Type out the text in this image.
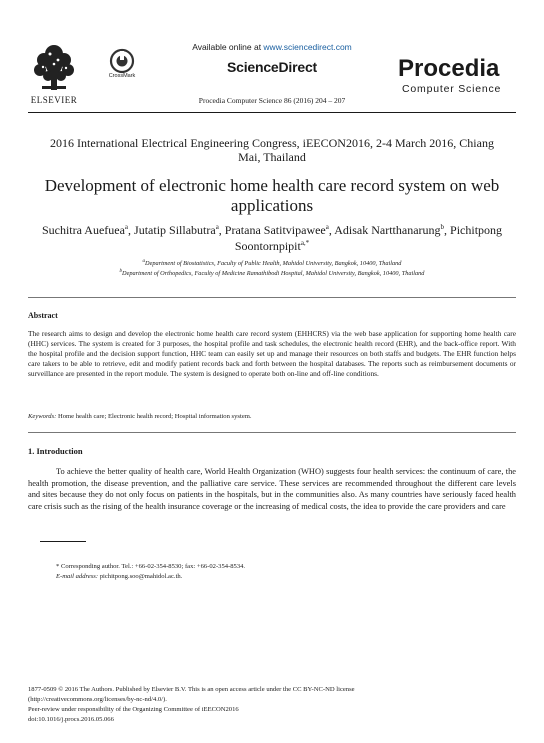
ELSEVIER
Available online at www.sciencedirect.com
CrossMark
ScienceDirect
Procedia Computer Science 86 (2016) 204 – 207
Procedia
Computer Science
2016 International Electrical Engineering Congress, iEECON2016, 2-4 March 2016, Chiang Mai, Thailand
Development of electronic home health care record system on web applications
Suchitra Auefuea$^a$, Jutatip Sillabutra$^a$, Pratana Satitvipawee$^a$, Adisak Nartthanarung$^b$, Pichitpong Soontornpipit$^{a,*}$
$^a$Department of Biostatistics, Faculty of Public Health, Mahidol University, Bangkok, 10400, Thailand
$^b$Department of Orthopedics, Faculty of Medicine Ramathibodi Hospital, Mahidol University, Bangkok, 10400, Thailand
Abstract
The research aims to design and develop the electronic home health care record system (EHHCRS) via the web base application for supporting home health care (HHC) services. The system is created for 3 purposes, the hospital profile and task schedules, the electronic health record (EHR), and the back-office report. With the hospital profile and the decision support function, HHC team can easily set up and manage their resources on both staffs and budgets. The EHR function helps care takers to be able to retrieve, edit and modify patient records back and forth between the hospital databases. The reports such as reimbursement documents or surveillance are presented in the report module. The system is designed to operate both on-line and off-line conditions.
Keywords: Home health care; Electronic health record; Hospital information system.
1. Introduction
To achieve the better quality of health care, World Health Organization (WHO) suggests four health services: the continuum of care, the health promotion, the disease prevention, and the palliative care service. These services are recommended throughout the different care levels and sites because they do not only focus on patients in the hospitals, but in the communities also. As many countries have seriously faced health care crisis such as the rising of the health insurance coverage or the increasing of medical costs, the idea to provide the care providers and care
* Corresponding author. Tel.: +66-02-354-8530; fax: +66-02-354-8534.
E-mail address: pichitpong.soo@mahidol.ac.th.
1877-0509 © 2016 The Authors. Published by Elsevier B.V. This is an open access article under the CC BY-NC-ND license
(http://creativecommons.org/licenses/by-nc-nd/4.0/).
Peer-review under responsibility of the Organizing Committee of iEECON2016
doi:10.1016/j.procs.2016.05.066
